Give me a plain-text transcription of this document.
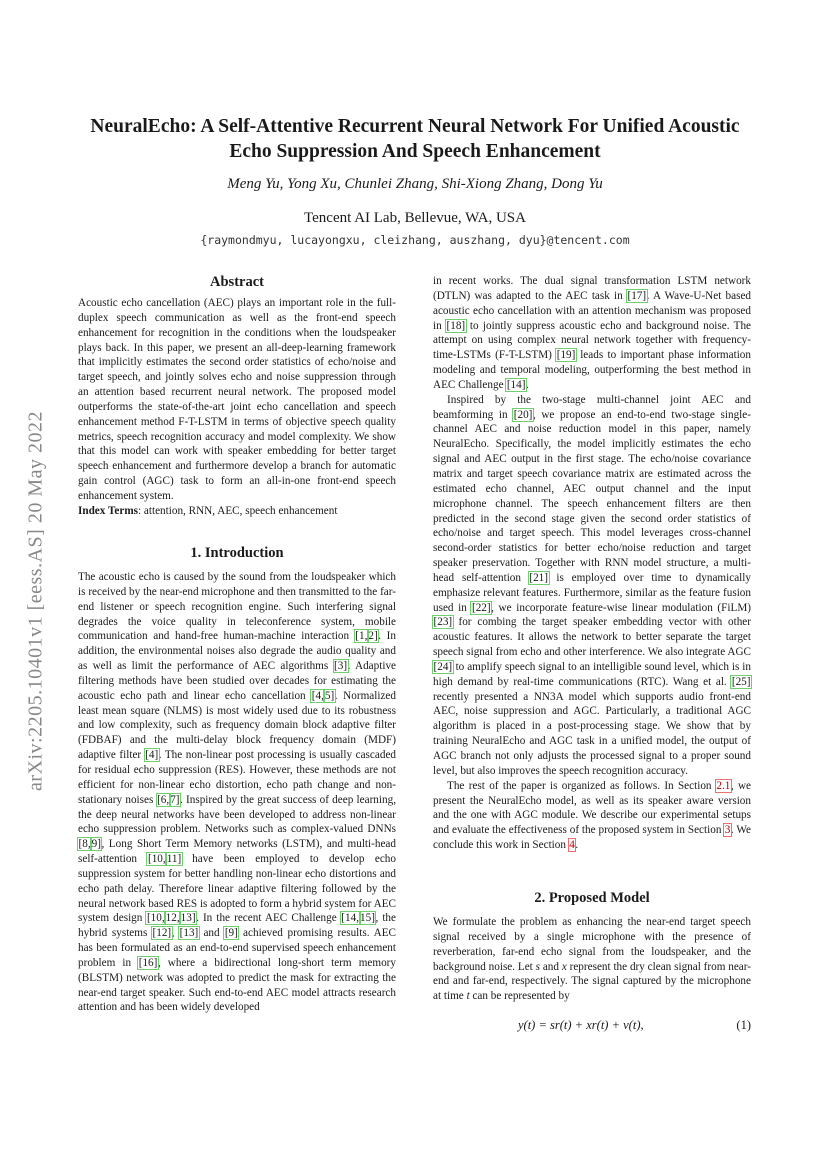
arXiv:2205.10401v1 [eess.AS] 20 May 2022
NeuralEcho: A Self-Attentive Recurrent Neural Network For Unified Acoustic
Echo Suppression And Speech Enhancement
Meng Yu, Yong Xu, Chunlei Zhang, Shi-Xiong Zhang, Dong Yu
Tencent AI Lab, Bellevue, WA, USA
{raymondmyu, lucayongxu, cleizhang, auszhang, dyu}@tencent.com
Abstract

Acoustic echo cancellation (AEC) plays an important role in the full-duplex speech communication as well as the front-end speech enhancement for recognition in the conditions when the loudspeaker plays back. In this paper, we present an all-deep-learning framework that implicitly estimates the second order statistics of echo/noise and target speech, and jointly solves echo and noise suppression through an attention based recurrent neural network. The proposed model outperforms the state-of-the-art joint echo cancellation and speech enhancement method F-T-LSTM in terms of objective speech quality metrics, speech recognition accuracy and model complexity. We show that this model can work with speaker embedding for better target speech enhancement and furthermore develop a branch for automatic gain control (AGC) task to form an all-in-one front-end speech enhancement system.

Index Terms: attention, RNN, AEC, speech enhancement

1. Introduction

The acoustic echo is caused by the sound from the loudspeaker which is received by the near-end microphone and then transmitted to the far-end listener or speech recognition engine. Such interfering signal degrades the voice quality in teleconference system, mobile communication and hand-free human-machine interaction [1,2]. In addition, the environmental noises also degrade the audio quality and as well as limit the performance of AEC algorithms [3]. Adaptive filtering methods have been studied over decades for estimating the acoustic echo path and linear echo cancellation [4,5]. Normalized least mean square (NLMS) is most widely used due to its robustness and low complexity, such as frequency domain block adaptive filter (FDBAF) and the multi-delay block frequency domain (MDF) adaptive filter [4]. The non-linear post processing is usually cascaded for residual echo suppression (RES). However, these methods are not efficient for non-linear echo distortion, echo path change and non-stationary noises [6,7]. Inspired by the great success of deep learning, the deep neural networks have been developed to address non-linear echo suppression problem. Networks such as complex-valued DNNs [8,9], Long Short Term Memory networks (LSTM), and multi-head self-attention [10,11] have been employed to develop echo suppression system for better handling non-linear echo distortions and echo path delay. Therefore linear adaptive filtering followed by the neural network based RES is adopted to form a hybrid system for AEC system design [10,12,13]. In the recent AEC Challenge [14,15], the hybrid systems [12], [13] and [9] achieved promising results. AEC has been formulated as an end-to-end supervised speech enhancement problem in [16], where a bidirectional long-short term memory (BLSTM) network was adopted to predict the mask for extracting the near-end target speaker. Such end-to-end AEC model attracts research attention and has been widely developed

in recent works. The dual signal transformation LSTM network (DTLN) was adapted to the AEC task in [17]. A Wave-U-Net based acoustic echo cancellation with an attention mechanism was proposed in [18] to jointly suppress acoustic echo and background noise. The attempt on using complex neural network together with frequency-time-LSTMs (F-T-LSTM) [19] leads to important phase information modeling and temporal modeling, outperforming the best method in AEC Challenge [14].

Inspired by the two-stage multi-channel joint AEC and beamforming in [20], we propose an end-to-end two-stage single-channel AEC and noise reduction model in this paper, namely NeuralEcho. Specifically, the model implicitly estimates the echo signal and AEC output in the first stage. The echo/noise covariance matrix and target speech covariance matrix are estimated across the estimated echo channel, AEC output channel and the input microphone channel. The speech enhancement filters are then predicted in the second stage given the second order statistics of echo/noise and target speech. This model leverages cross-channel second-order statistics for better echo/noise reduction and target speaker preservation. Together with RNN model structure, a multi-head self-attention [21] is employed over time to dynamically emphasize relevant features. Furthermore, similar as the feature fusion used in [22], we incorporate feature-wise linear modulation (FiLM) [23] for combing the target speaker embedding vector with other acoustic features. It allows the network to better separate the target speech signal from echo and other interference. We also integrate AGC [24] to amplify speech signal to an intelligible sound level, which is in high demand by real-time communications (RTC). Wang et al. [25] recently presented a NN3A model which supports audio front-end AEC, noise suppression and AGC. Particularly, a traditional AGC algorithm is placed in a post-processing stage. We show that by training NeuralEcho and AGC task in a unified model, the output of AGC branch not only adjusts the processed signal to a proper sound level, but also improves the speech recognition accuracy.

The rest of the paper is organized as follows. In Section 2.1, we present the NeuralEcho model, as well as its speaker aware version and the one with AGC module. We describe our experimental setups and evaluate the effectiveness of the proposed system in Section 3. We conclude this work in Section 4.

2. Proposed Model

We formulate the problem as enhancing the near-end target speech signal received by a single microphone with the presence of reverberation, far-end echo signal from the loudspeaker, and the background noise. Let s and x represent the dry clean signal from near-end and far-end, respectively. The signal captured by the microphone at time t can be represented by

y(t) = sr(t) + xr(t) + v(t),	(1)
